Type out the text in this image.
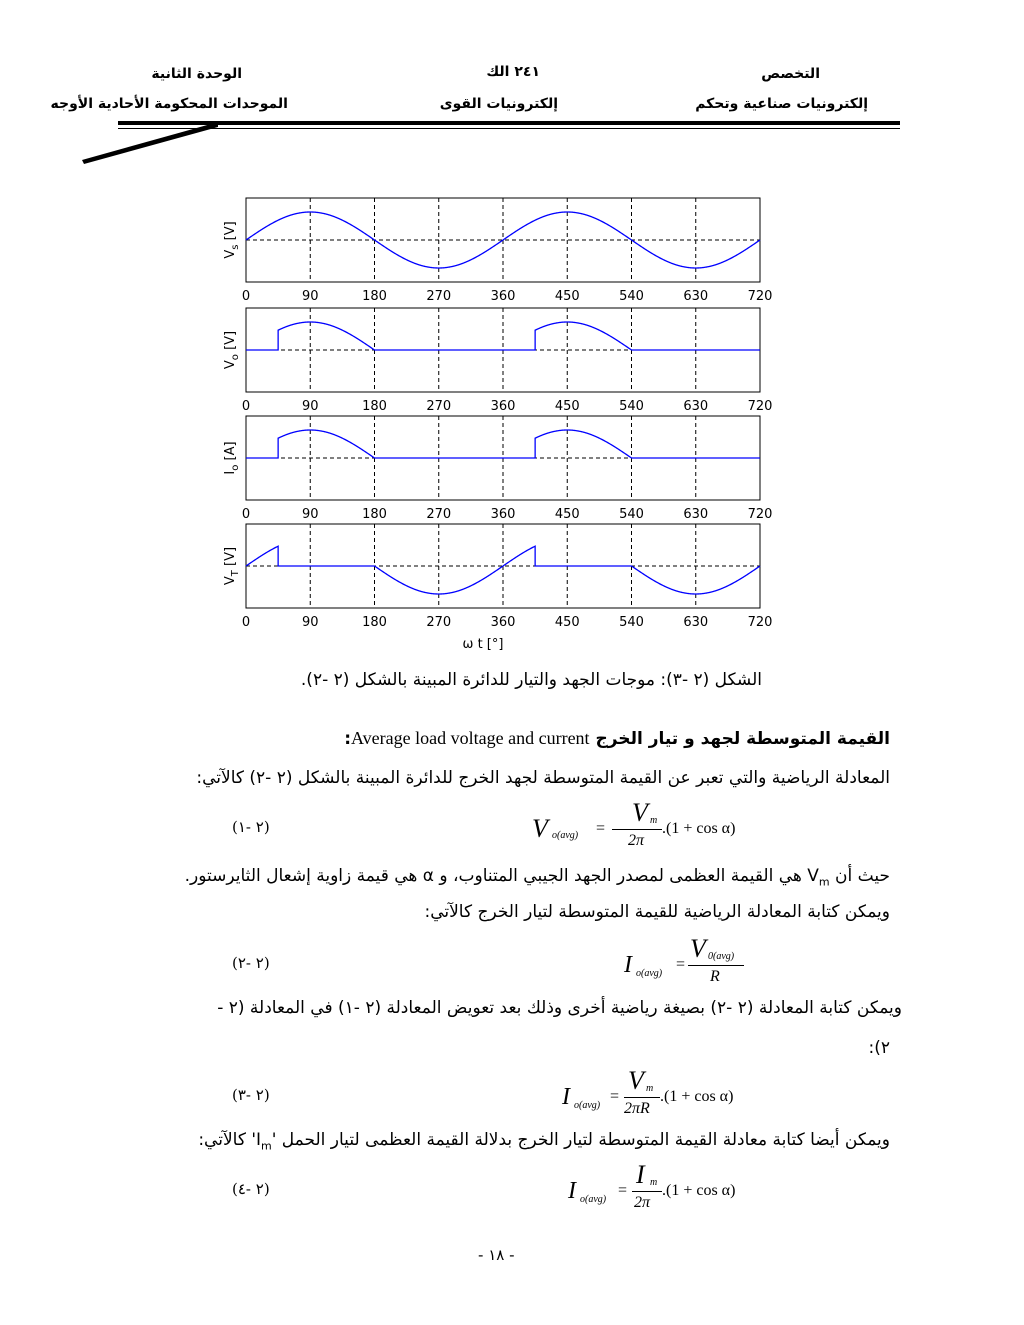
التخصص
إلكترونيات صناعية وتحكم
٢٤١ الك
إلكترونيات القوى
الوحدة الثانية
الموحدات المحكومة الأحادية الأوجه
0	90	180	270	360	450	540	630	720
$V_s$ [V]
0	90	180	270	360	450	540	630	720
$V_o$ [V]
0	90	180	270	360	450	540	630	720
$I_o$ [A]
0	90	180	270	360	450	540	630	720
$V_T$ [V]
ω t [°]
الشكل (٢ -٣): موجات الجهد والتيار للدائرة المبينة بالشكل (٢ -٢).
القيمة المتوسطة لجهد و تيار الخرج Average load voltage and current:
المعادلة الرياضية والتي تعبر عن القيمة المتوسطة لجهد الخرج للدائرة المبينة بالشكل (٢ -٢) كالآتي:
(٢ -١)	V o(avg) =
V m
2π
.(1 + cos α)
حيث أن $V_m$ هي القيمة العظمى لمصدر الجهد الجيبي المتناوب، و α هي قيمة زاوية إشعال الثايرستور.
ويمكن كتابة المعادلة الرياضية للقيمة المتوسطة لتيار الخرج كالآتي:
(٢ -٢)	I o(avg)
=
V 0(avg)
R
ويمكن كتابة المعادلة (٢ -٢) بصيغة رياضية أخرى وذلك بعد تعويض المعادلة (٢ -١) في المعادلة (٢ -
٢):
(٢ -٣)	I o(avg)
=
V m
2πR
.(1 + cos α)
ويمكن أيضا كتابة معادلة القيمة المتوسطة لتيار الخرج بدلالة القيمة العظمى لتيار الحمل '$I_m$' كالآتي:
(٢ -٤)	I o(avg)
=
I m
2π
.(1 + cos α)
- ١٨ -
